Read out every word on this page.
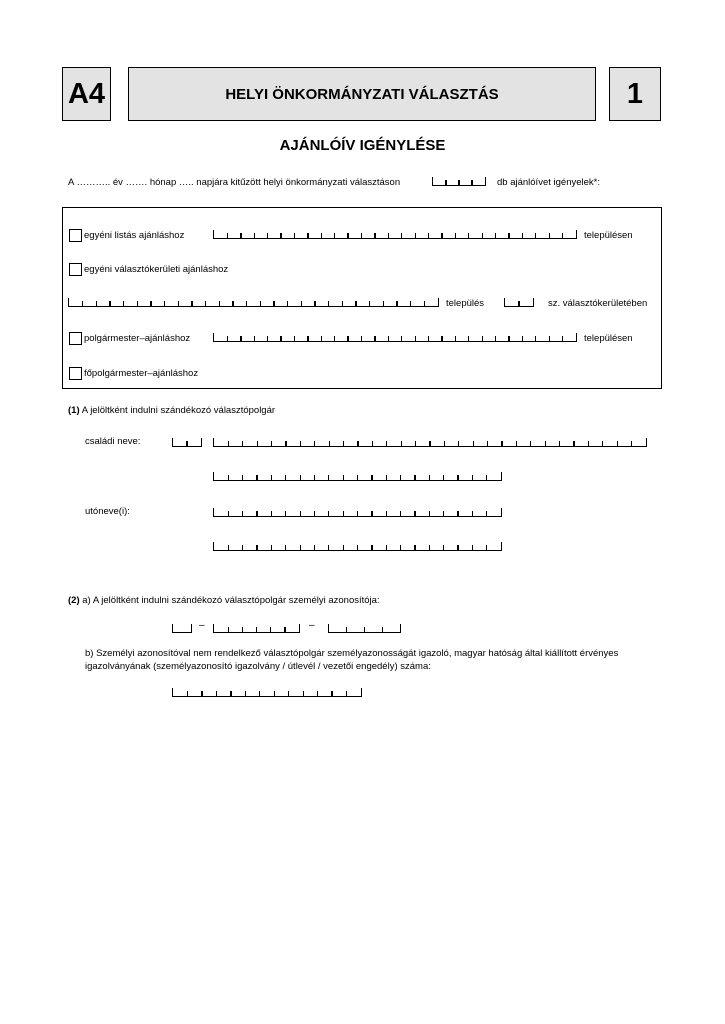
A4	HELYI ÖNKORMÁNYZATI VÁLASZTÁS	1
AJÁNLÓÍV IGÉNYLÉSE
A ……….. év ……. hónap ….. napjára kitűzött helyi önkormányzati választáson	db ajánlóívet igényelek*:
egyéni listás ajánláshoz	településen
egyéni választókerületi ajánláshoz
település	sz. választókerületében
polgármester–ajánláshoz	településen
főpolgármester–ajánláshoz
(1) A jelöltként indulni szándékozó választópolgár
családi neve:
utóneve(i):
(2) a) A jelöltként indulni szándékozó választópolgár személyi azonosítója:
–	–
b) Személyi azonosítóval nem rendelkező választópolgár személyazonosságát igazoló, magyar hatóság által kiállított érvényes
igazolványának (személyazonosító igazolvány / útlevél / vezetői engedély) száma:
